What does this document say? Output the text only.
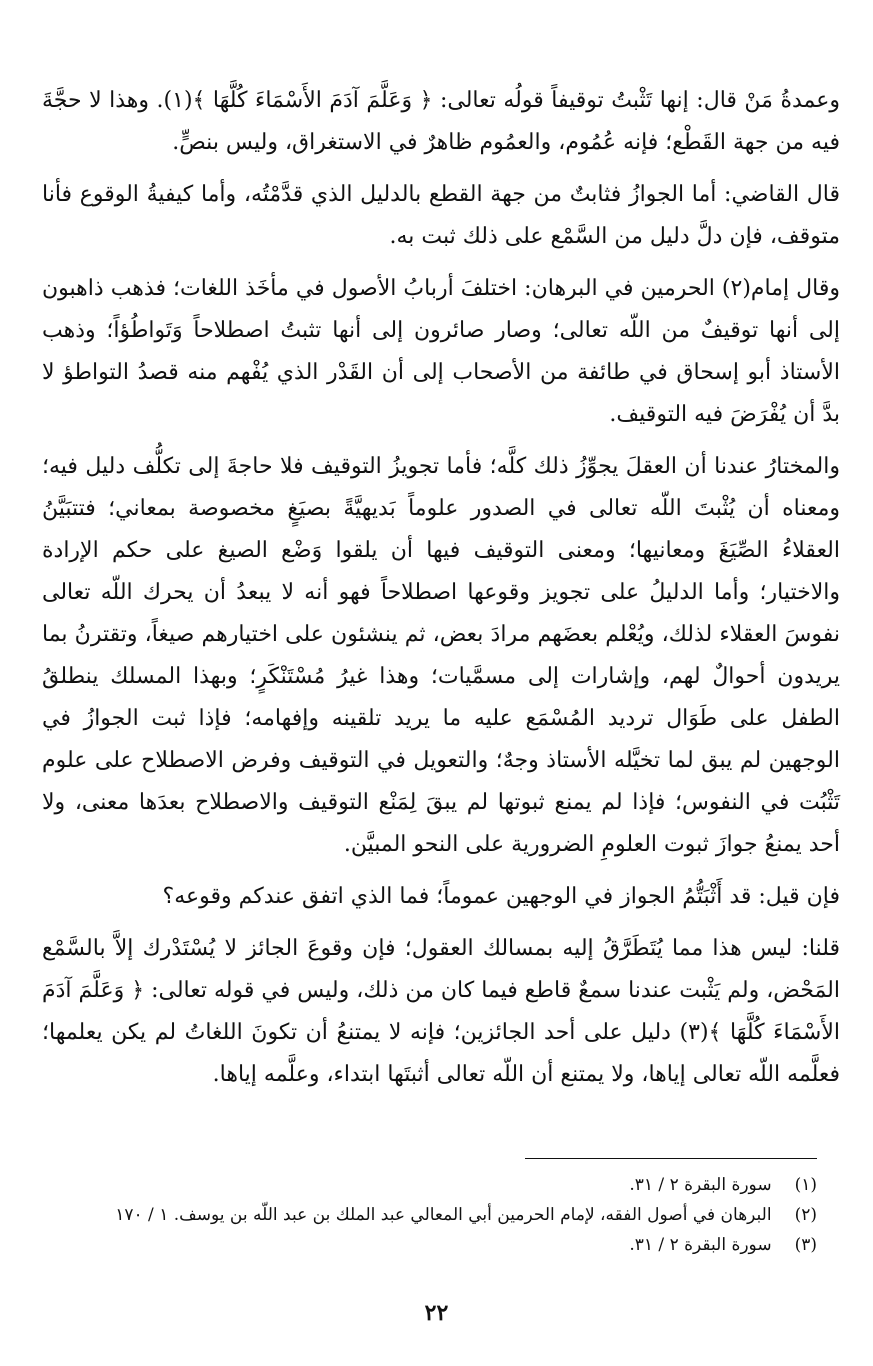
وعمدةُ مَنْ قال: إنها تَثْبتُ توقيفاً قولُه تعالى: ﴿ وَعَلَّمَ آدَمَ الأَسْمَاءَ كُلَّهَا ﴾(١). وهذا لا حجَّةَ فيه من جهة القَطْع؛ فإنه عُمُوم، والعمُوم ظاهرٌ في الاستغراق، وليس بنصٍّ.

قال القاضي: أما الجوازُ فثابتٌ من جهة القطع بالدليل الذي قدَّمْتُه، وأما كيفيةُ الوقوع فأنا متوقف، فإن دلَّ دليل من السَّمْع على ذلك ثبت به.

وقال إمام(٢) الحرمين في البرهان: اختلفَ أربابُ الأصول في مأخَذ اللغات؛ فذهب ذاهبون إلى أنها توقيفٌ من اللّه تعالى؛ وصار صائرون إلى أنها تثبتُ اصطلاحاً وَتَواطُؤاً؛ وذهب الأستاذ أبو إسحاق في طائفة من الأصحاب إلى أن القَدْر الذي يُفْهم منه قصدُ التواطؤ لا بدَّ أن يُفْرَضَ فيه التوقيف.

والمختارُ عندنا أن العقلَ يجوِّزُ ذلك كلَّه؛ فأما تجويزُ التوقيف فلا حاجةَ إلى تكلُّف دليل فيه؛ ومعناه أن يُثْبتَ اللّه تعالى في الصدور علوماً بَديهيَّةً بصيَغٍ مخصوصة بمعاني؛ فتتبَيَّنُ العقلاءُ الصِّيَغَ ومعانيها؛ ومعنى التوقيف فيها أن يلقوا وَضْع الصيغ على حكم الإرادة والاختيار؛ وأما الدليلُ على تجويز وقوعها اصطلاحاً فهو أنه لا يبعدُ أن يحرك اللّه تعالى نفوسَ العقلاء لذلك، ويُعْلم بعضَهم مرادَ بعض، ثم ينشئون على اختيارهم صيغاً، وتقترنُ بما يريدون أحوالٌ لهم، وإشارات إلى مسمَّيات؛ وهذا غيرُ مُسْتَنْكَرٍ؛ وبهذا المسلك ينطلقُ الطفل على طَوَال ترديد المُسْمَع عليه ما يريد تلقينه وإفهامه؛ فإذا ثبت الجوازُ في الوجهين لم يبق لما تخيَّله الأستاذ وجهٌ؛ والتعويل في التوقيف وفرض الاصطلاح على علوم تَثْبُت في النفوس؛ فإذا لم يمنع ثبوتها لم يبقَ لِمَنْع التوقيف والاصطلاح بعدَها معنى، ولا أحد يمنعُ جوازَ ثبوت العلومِ الضرورية على النحو المبيَّن.

فإن قيل: قد أَثْبَتُّمُ الجواز في الوجهين عموماً؛ فما الذي اتفق عندكم وقوعه؟

قلنا: ليس هذا مما يُتَطَرَّقُ إليه بمسالك العقول؛ فإن وقوعَ الجائز لا يُسْتَدْرك إلاَّ بالسَّمْع المَحْض، ولم يَثْبت عندنا سمعٌ قاطع فيما كان من ذلك، وليس في قوله تعالى: ﴿ وَعَلَّمَ آدَمَ الأَسْمَاءَ كُلَّهَا ﴾(٣) دليل على أحد الجائزين؛ فإنه لا يمتنعُ أن تكونَ اللغاتُ لم يكن يعلمها؛ فعلَّمه اللّه تعالى إياها، ولا يمتنع أن اللّه تعالى أثبتَها ابتداء، وعلَّمه إياها.

(١) سورة البقرة ٢ / ٣١.
(٢) البرهان في أصول الفقه، لإمام الحرمين أبي المعالي عبد الملك بن عبد اللّه بن يوسف. ١ / ١٧٠
(٣) سورة البقرة ٢ / ٣١.
٢٢
